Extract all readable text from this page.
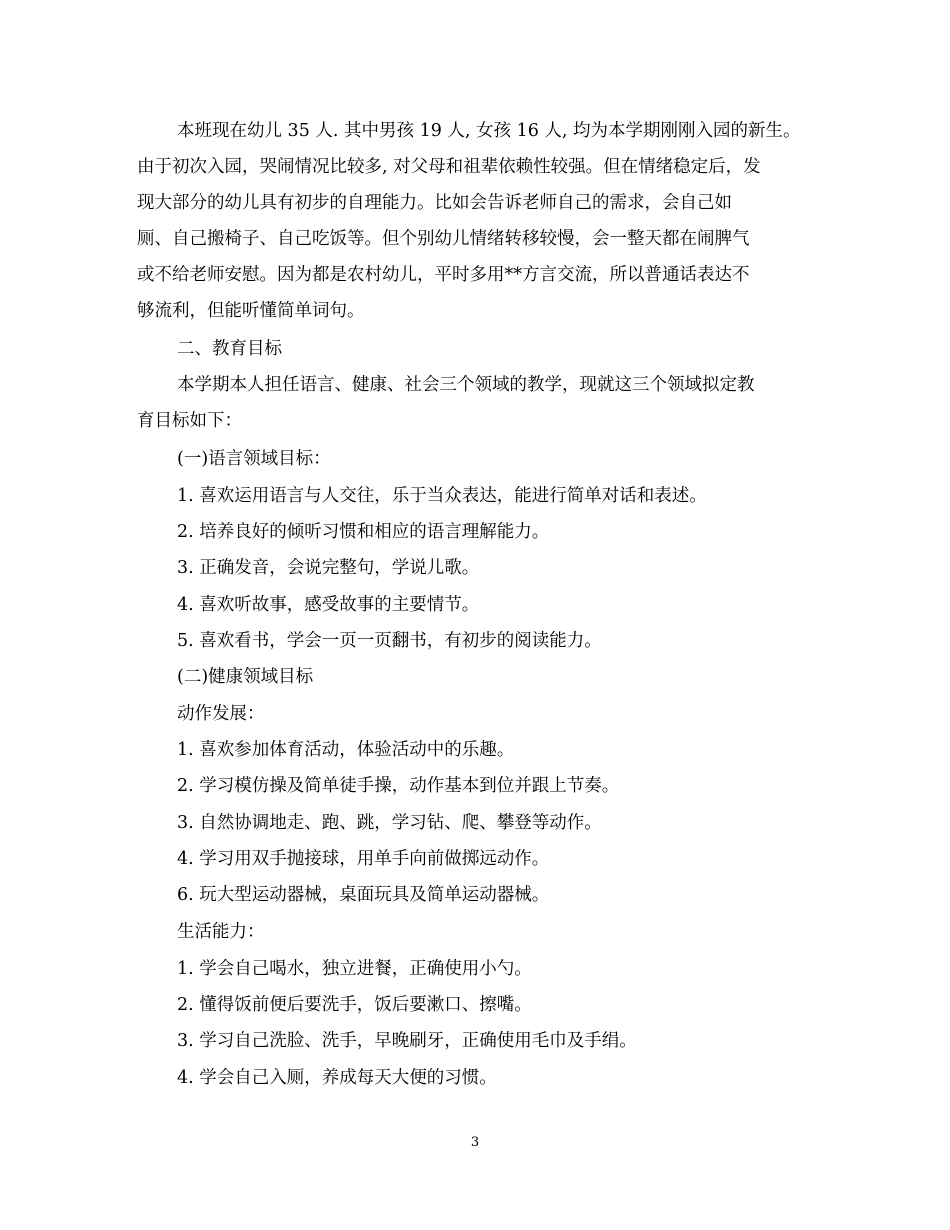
本班现在幼儿 35 人. 其中男孩 19 人, 女孩 16 人, 均为本学期刚刚入园的新生。
由于初次入园，哭闹情况比较多, 对父母和祖辈依赖性较强。但在情绪稳定后，发
现大部分的幼儿具有初步的自理能力。比如会告诉老师自己的需求，会自己如
厕、自己搬椅子、自己吃饭等。但个别幼儿情绪转移较慢，会一整天都在闹脾气
或不给老师安慰。因为都是农村幼儿，平时多用**方言交流，所以普通话表达不
够流利，但能听懂简单词句。
二、教育目标
本学期本人担任语言、健康、社会三个领域的教学，现就这三个领域拟定教
育目标如下：
(一)语言领域目标：
1. 喜欢运用语言与人交往，乐于当众表达，能进行简单对话和表述。
2. 培养良好的倾听习惯和相应的语言理解能力。
3. 正确发音，会说完整句，学说儿歌。
4. 喜欢听故事，感受故事的主要情节。
5. 喜欢看书，学会一页一页翻书，有初步的阅读能力。
(二)健康领域目标
动作发展：
1. 喜欢参加体育活动，体验活动中的乐趣。
2. 学习模仿操及简单徒手操，动作基本到位并跟上节奏。
3. 自然协调地走、跑、跳，学习钻、爬、攀登等动作。
4. 学习用双手抛接球，用单手向前做掷远动作。
6. 玩大型运动器械，桌面玩具及简单运动器械。
生活能力：
1. 学会自己喝水，独立进餐，正确使用小勺。
2. 懂得饭前便后要洗手，饭后要漱口、擦嘴。
3. 学习自己洗脸、洗手，早晚刷牙，正确使用毛巾及手绢。
4. 学会自己入厕，养成每天大便的习惯。
3
